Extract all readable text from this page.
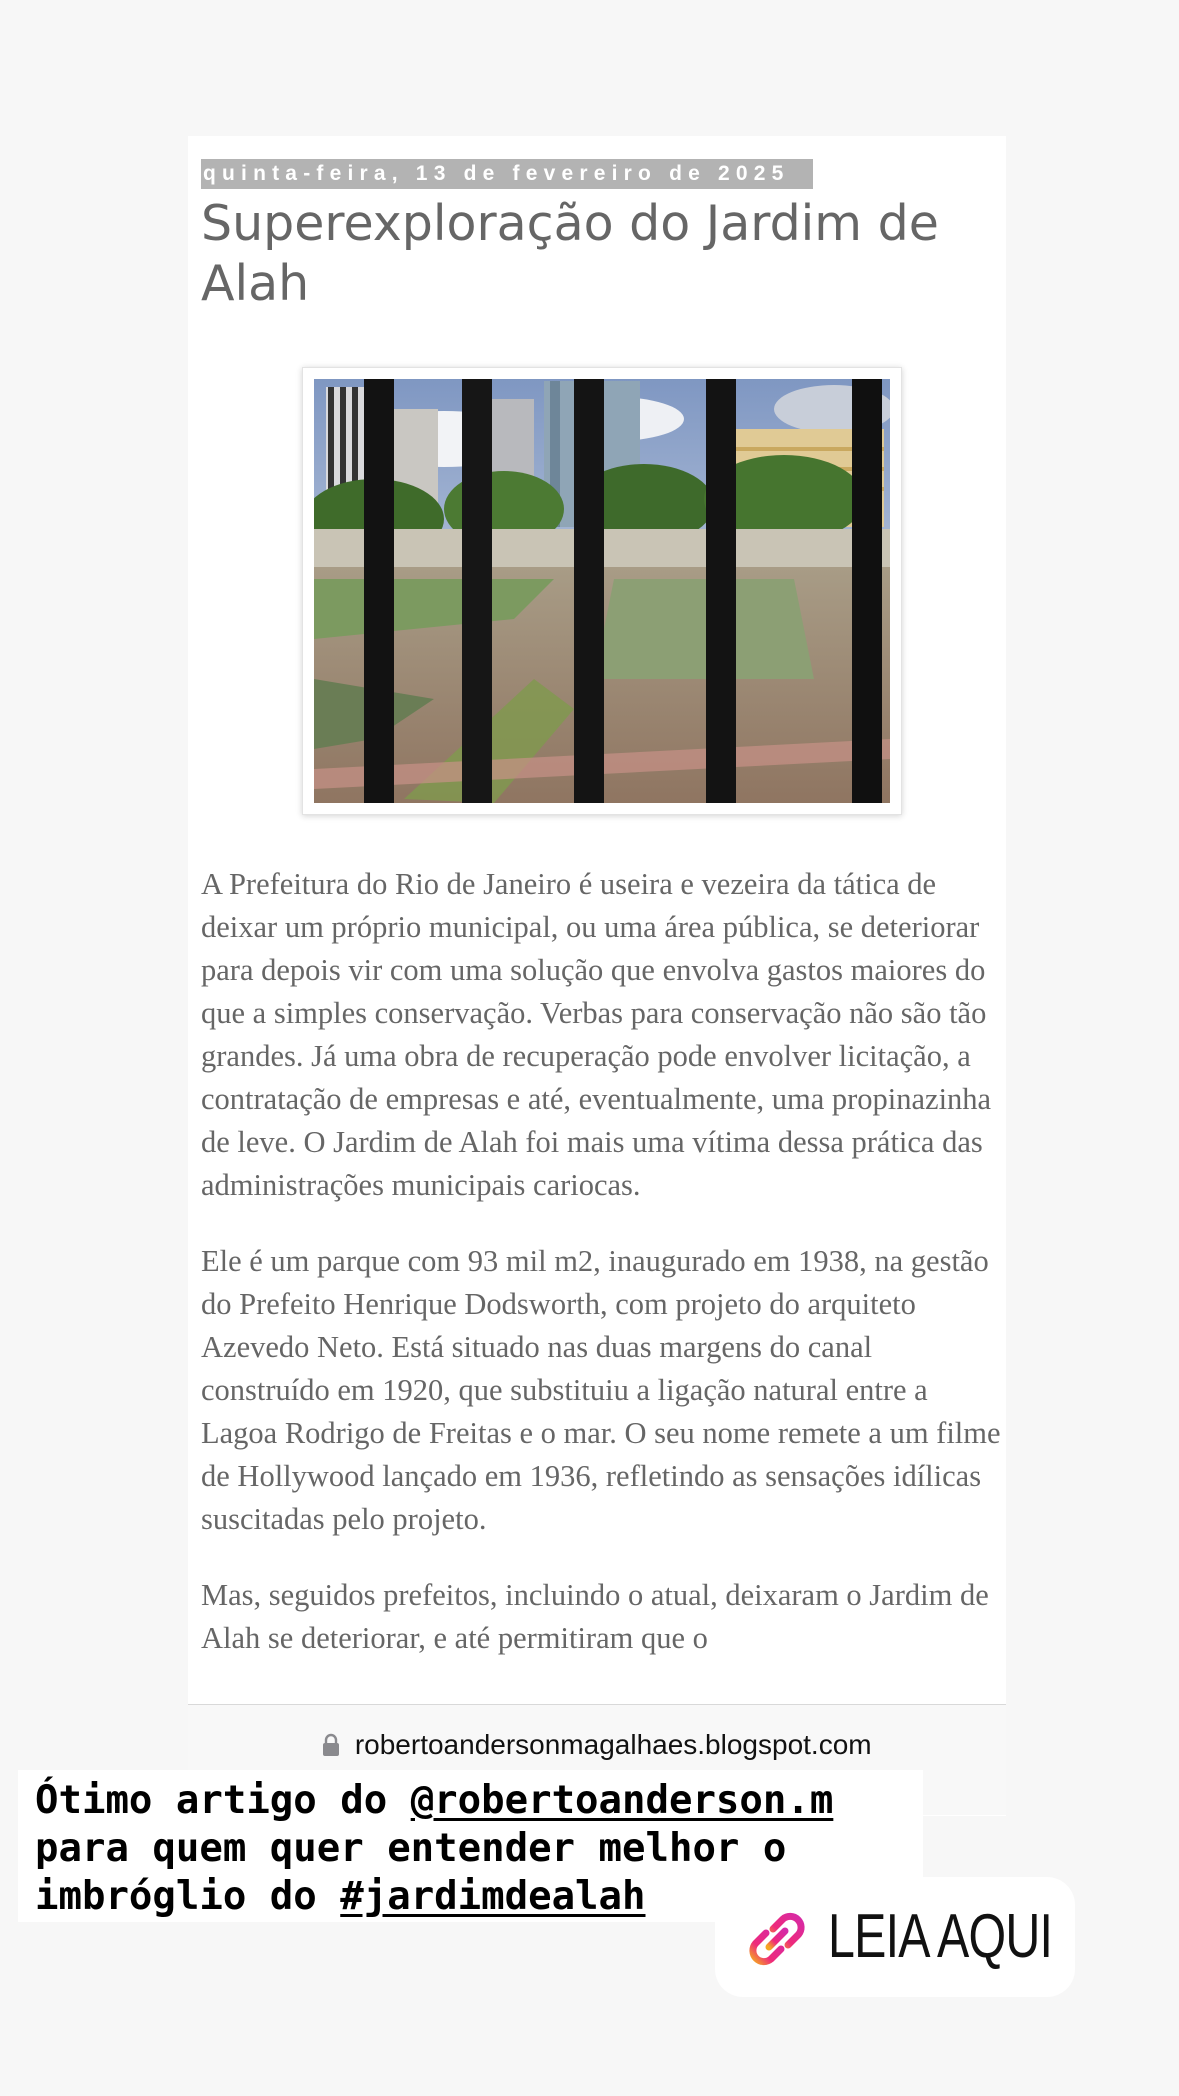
quinta-feira, 13 de fevereiro de 2025
Superexploração do Jardim de Alah

A Prefeitura do Rio de Janeiro é useira e vezeira da tática de deixar um próprio municipal, ou uma área pública, se deteriorar para depois vir com uma solução que envolva gastos maiores do que a simples conservação. Verbas para conservação não são tão grandes. Já uma obra de recuperação pode envolver licitação, a contratação de empresas e até, eventualmente, uma propinazinha de leve. O Jardim de Alah foi mais uma vítima dessa prática das administrações municipais cariocas.

Ele é um parque com 93 mil m2, inaugurado em 1938, na gestão do Prefeito Henrique Dodsworth, com projeto do arquiteto Azevedo Neto. Está situado nas duas margens do canal construído em 1920, que substituiu a ligação natural entre a Lagoa Rodrigo de Freitas e o mar. O seu nome remete a um filme de Hollywood lançado em 1936, refletindo as sensações idílicas suscitadas pelo projeto.

Mas, seguidos prefeitos, incluindo o atual, deixaram o Jardim de Alah se deteriorar, e até permitiram que o

robertoandersonmagalhaes.blogspot.com
Ótimo artigo do @robertoanderson.m
para quem quer entender melhor o
imbróglio do #jardimdealah
LEIA AQUI
